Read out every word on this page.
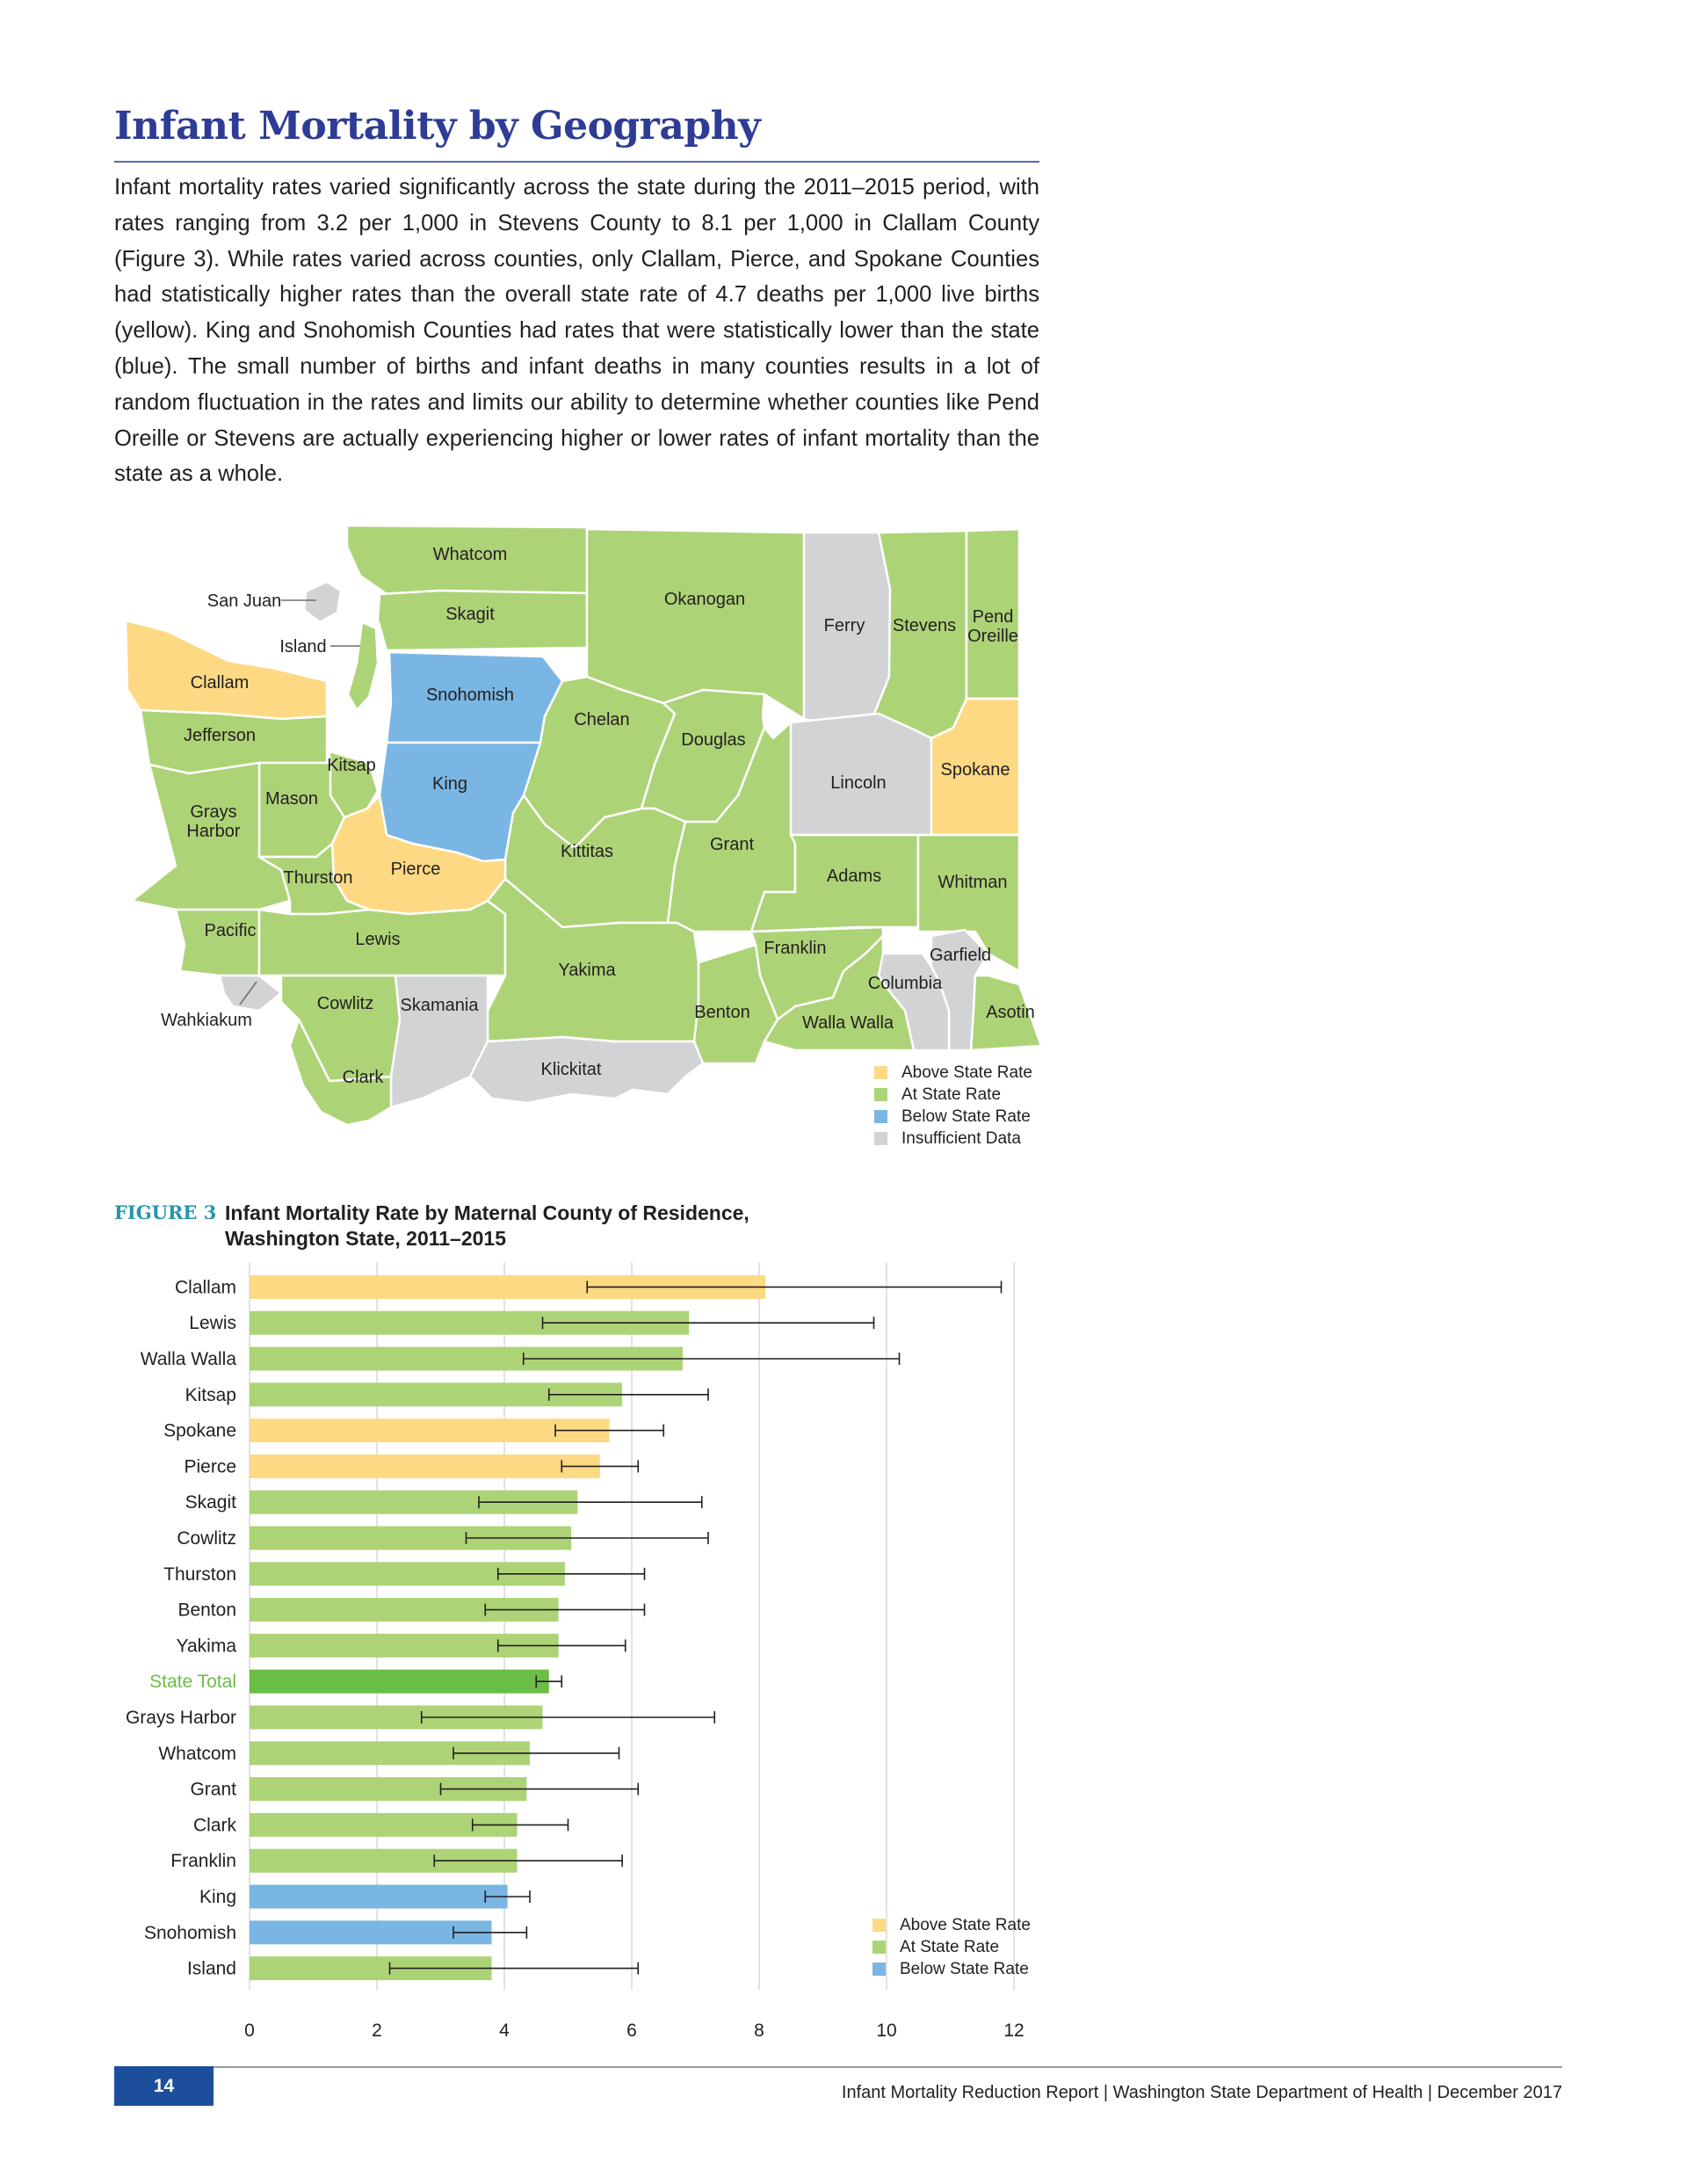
Infant Mortality by Geography

Infant mortality rates varied significantly across the state during the 2011–2015 period, with rates ranging from 3.2 per 1,000 in Stevens County to 8.1 per 1,000 in Clallam County (Figure 3). While rates varied across counties, only Clallam, Pierce, and Spokane Counties had statistically higher rates than the overall state rate of 4.7 deaths per 1,000 live births (yellow). King and Snohomish Counties had rates that were statistically lower than the state (blue). The small number of births and infant deaths in many counties results in a lot of random fluctuation in the rates and limits our ability to determine whether counties like Pend Oreille or Stevens are actually experiencing higher or lower rates of infant mortality than the state as a whole.

Whatcom
Skagit
San Juan
Island
Okanogan
Ferry Stevens Pend Oreille
Clallam
Jefferson
Snohomish
Chelan
Douglas
Lincoln
Spokane
Kitsap
Mason
King
Grays Harbor
Kittitas	Grant
Pierce
Thurston	Adams	Whitman
Pacific	Lewis	Franklin	Garfield
Yakima
Columbia
Wahkiakum
Cowlitz Skamania	Benton
Walla Walla
Asotin
Klickitat
Clark	Above State Rate
At State Rate
Below State Rate
Insufficient Data
FIGURE 3 Infant Mortality Rate by Maternal County of Residence,
Washington State, 2011–2015
Clallam
Lewis
Walla Walla
Kitsap
Spokane
Pierce
Skagit
Cowlitz
Thurston
Benton
Yakima
State Total
Grays Harbor
Whatcom
Grant
Clark
Franklin
King
Snohomish
Island
0	2	4	6	8	10	12
Above State Rate
At State Rate
Below State Rate
14	Infant Mortality Reduction Report | Washington State Department of Health | December 2017
